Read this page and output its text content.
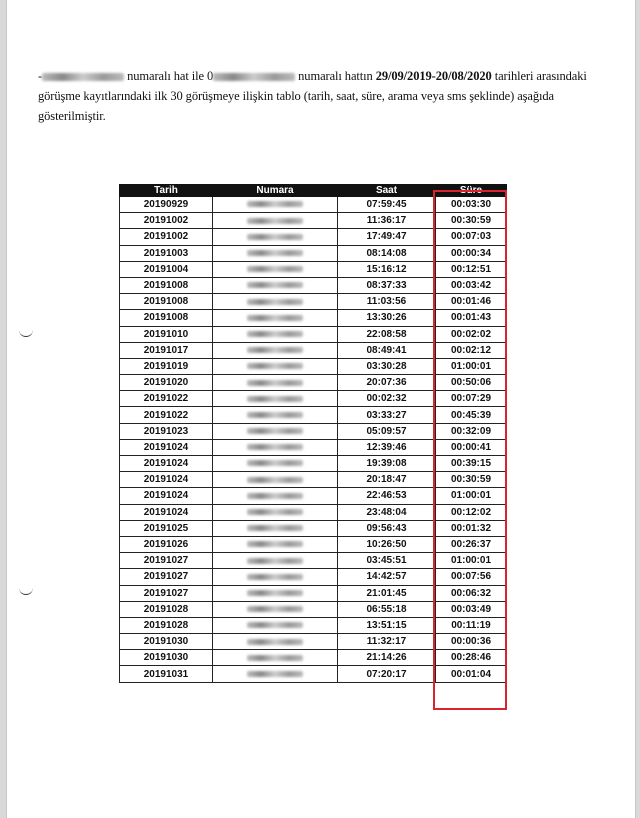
-	numaralı hat ile 0	numaralı hattın 29/09/2019-20/08/2020 tarihleri arasındaki görüşme kayıtlarındaki ilk 30 görüşmeye ilişkin tablo (tarih, saat, süre, arama veya sms şeklinde) aşağıda gösterilmiştir.

Tarih	Numara	Saat	Süre
20190929		07:59:45	00:03:30
20191002		11:36:17	00:30:59
20191002		17:49:47	00:07:03
20191003		08:14:08	00:00:34
20191004		15:16:12	00:12:51
20191008		08:37:33	00:03:42
20191008		11:03:56	00:01:46
20191008		13:30:26	00:01:43
20191010		22:08:58	00:02:02
20191017		08:49:41	00:02:12
20191019		03:30:28	01:00:01
20191020		20:07:36	00:50:06
20191022		00:02:32	00:07:29
20191022		03:33:27	00:45:39
20191023		05:09:57	00:32:09
20191024		12:39:46	00:00:41
20191024		19:39:08	00:39:15
20191024		20:18:47	00:30:59
20191024		22:46:53	01:00:01
20191024		23:48:04	00:12:02
20191025		09:56:43	00:01:32
20191026		10:26:50	00:26:37
20191027		03:45:51	01:00:01
20191027		14:42:57	00:07:56
20191027		21:01:45	00:06:32
20191028		06:55:18	00:03:49
20191028		13:51:15	00:11:19
20191030		11:32:17	00:00:36
20191030		21:14:26	00:28:46
20191031		07:20:17	00:01:04
